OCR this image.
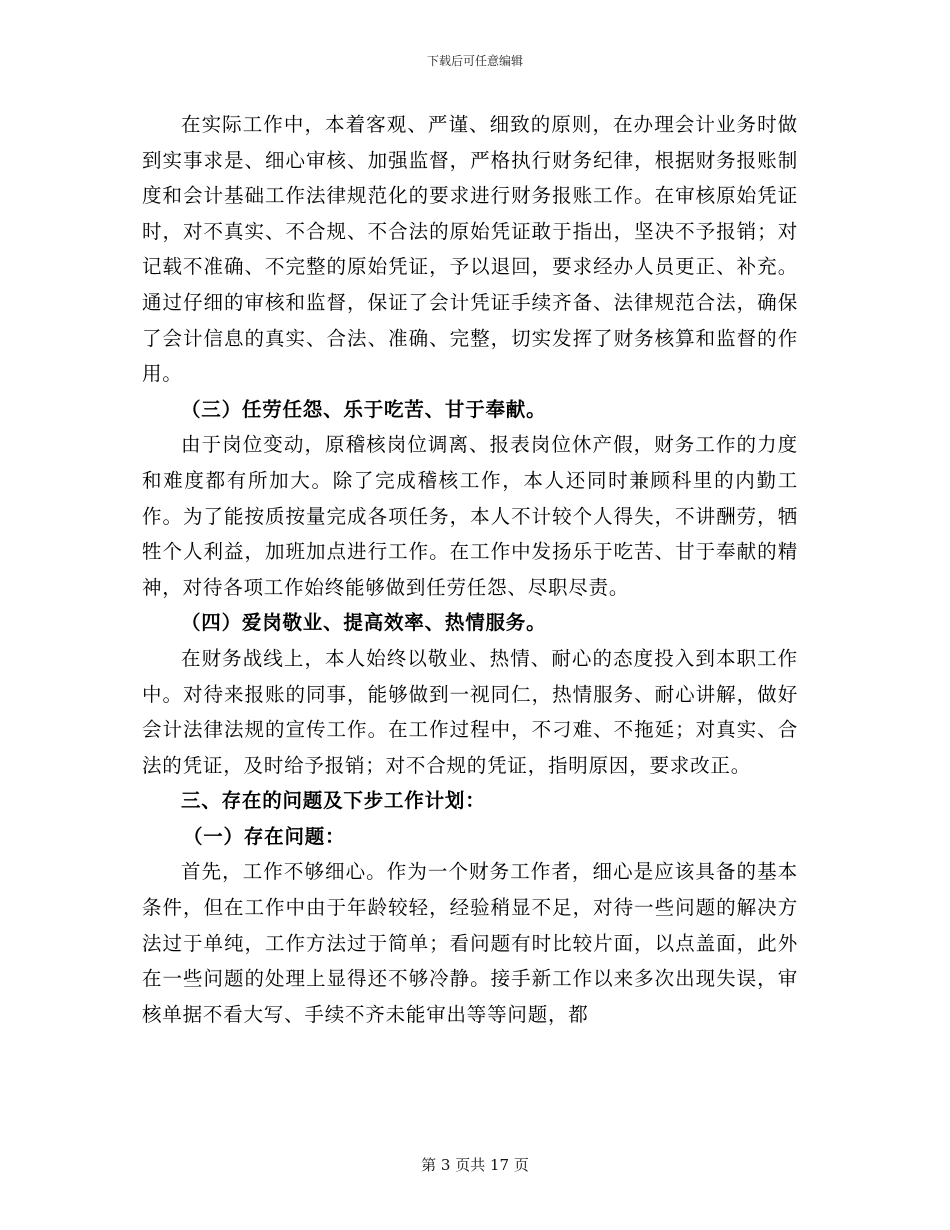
下载后可任意编辑

在实际工作中，本着客观、严谨、细致的原则，在办理会计业务时做到实事求是、细心审核、加强监督，严格执行财务纪律，根据财务报账制度和会计基础工作法律规范化的要求进行财务报账工作。在审核原始凭证时，对不真实、不合规、不合法的原始凭证敢于指出，坚决不予报销；对记载不准确、不完整的原始凭证，予以退回，要求经办人员更正、补充。通过仔细的审核和监督，保证了会计凭证手续齐备、法律规范合法，确保了会计信息的真实、合法、准确、完整，切实发挥了财务核算和监督的作用。

（三）任劳任怨、乐于吃苦、甘于奉献。

由于岗位变动，原稽核岗位调离、报表岗位休产假，财务工作的力度和难度都有所加大。除了完成稽核工作，本人还同时兼顾科里的内勤工作。为了能按质按量完成各项任务，本人不计较个人得失，不讲酬劳，牺牲个人利益，加班加点进行工作。在工作中发扬乐于吃苦、甘于奉献的精神，对待各项工作始终能够做到任劳任怨、尽职尽责。

（四）爱岗敬业、提高效率、热情服务。

在财务战线上，本人始终以敬业、热情、耐心的态度投入到本职工作中。对待来报账的同事，能够做到一视同仁，热情服务、耐心讲解，做好会计法律法规的宣传工作。在工作过程中，不刁难、不拖延；对真实、合法的凭证，及时给予报销；对不合规的凭证，指明原因，要求改正。

三、存在的问题及下步工作计划：

（一）存在问题：

首先，工作不够细心。作为一个财务工作者，细心是应该具备的基本条件，但在工作中由于年龄较轻，经验稍显不足，对待一些问题的解决方法过于单纯，工作方法过于简单；看问题有时比较片面，以点盖面，此外在一些问题的处理上显得还不够冷静。接手新工作以来多次出现失误，审核单据不看大写、手续不齐未能审出等等问题，都

第 3 页共 17 页
